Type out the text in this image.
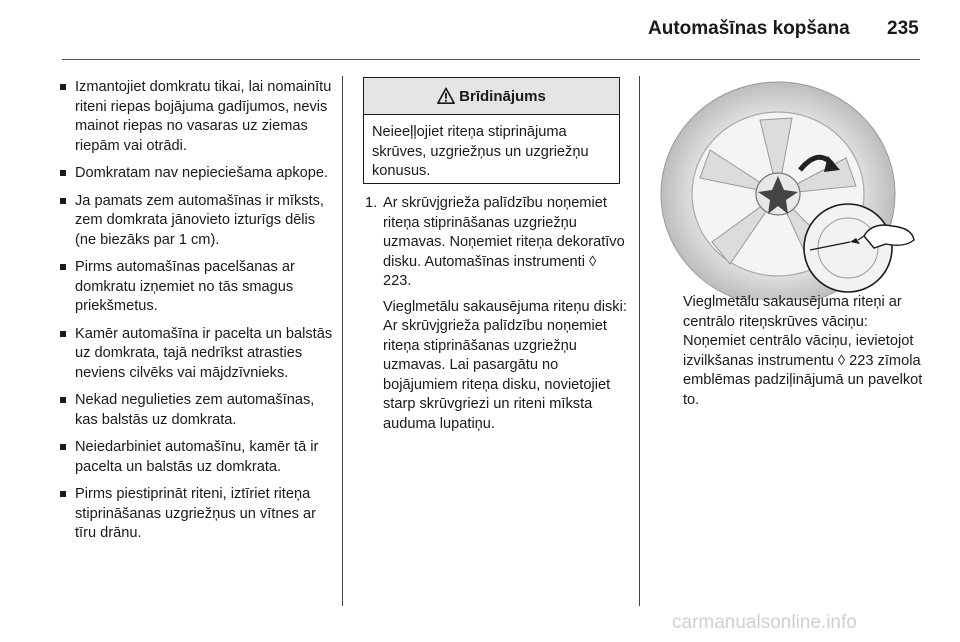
Automašīnas kopšana 235
Izmantojiet domkratu tikai, lai nomainītu riteni riepas bojājuma gadījumos, nevis mainot riepas no vasaras uz ziemas riepām vai otrādi.
Domkratam nav nepieciešama apkope.
Ja pamats zem automašīnas ir mīksts, zem domkrata jānovieto izturīgs dēlis (ne biezāks par 1 cm).
Pirms automašīnas pacelšanas ar domkratu izņemiet no tās smagus priekšmetus.
Kamēr automašīna ir pacelta un balstās uz domkrata, tajā nedrīkst atrasties neviens cilvēks vai mājdzīvnieks.
Nekad negulieties zem automašīnas, kas balstās uz domkrata.
Neiedarbiniet automašīnu, kamēr tā ir pacelta un balstās uz domkrata.
Pirms piestiprināt riteni, iztīriet riteņa stiprināšanas uzgriežņus un vītnes ar tīru drānu.
Brīdinājums
Neieeļļojiet riteņa stiprinājuma skrūves, uzgriežņus un uzgriežņu konusus.
1. Ar skrūvjgrieža palīdzību noņemiet riteņa stiprināšanas uzgriežņu uzmavas. Noņemiet riteņa dekoratīvo disku. Automašīnas instrumenti ◊ 223.
Vieglmetālu sakausējuma riteņu diski: Ar skrūvjgrieža palīdzību noņemiet riteņa stiprināšanas uzgriežņu uzmavas. Lai pasargātu no bojājumiem riteņa disku, novietojiet starp skrūvgriezi un riteni mīksta auduma lupatiņu.
Vieglmetālu sakausējuma riteņi ar centrālo riteņskrūves vāciņu: Noņemiet centrālo vāciņu, ievietojot izvilkšanas instrumentu ◊ 223 zīmola emblēmas padziļinājumā un pavelkot to.
carmanualsonline.info
